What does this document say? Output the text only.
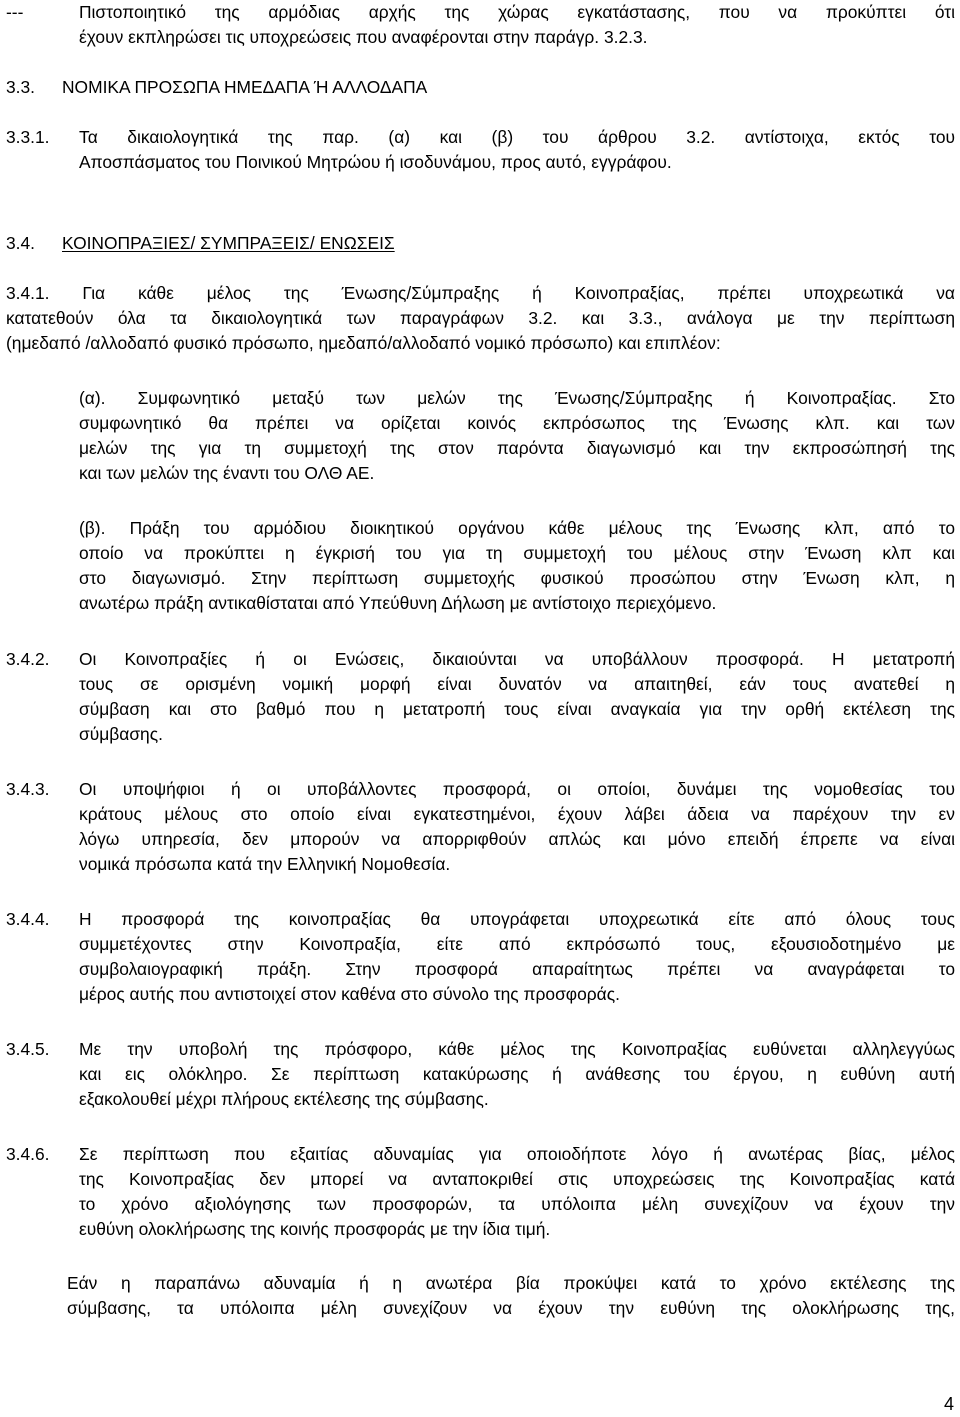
---	Πιστοποιητικό της αρμόδιας αρχής της χώρας εγκατάστασης, που να προκύπτει ότι
έχουν εκπληρώσει τις υποχρεώσεις που αναφέρονται στην παράγρ. 3.2.3.
3.3. ΝΟΜΙΚΑ ΠΡΟΣΩΠΑ ΗΜΕΔΑΠΑ Ή ΑΛΛΟΔΑΠΑ
3.3.1. Τα δικαιολογητικά της παρ. (α) και (β) του άρθρου 3.2. αντίστοιχα, εκτός του
Αποσπάσματος του Ποινικού Μητρώου ή ισοδυνάμου, προς αυτό, εγγράφου.
3.4. ΚΟΙΝΟΠΡΑΞΙΕΣ/ ΣΥΜΠΡΑΞΕΙΣ/ ΕΝΩΣΕΙΣ
3.4.1. Για κάθε μέλος της Ένωσης/Σύμπραξης ή Κοινοπραξίας, πρέπει υποχρεωτικά να
κατατεθούν όλα τα δικαιολογητικά των παραγράφων 3.2. και 3.3., ανάλογα με την περίπτωση
(ημεδαπό /αλλοδαπό φυσικό πρόσωπο, ημεδαπό/αλλοδαπό νομικό πρόσωπο) και επιπλέον:
(α). Συμφωνητικό μεταξύ των μελών της Ένωσης/Σύμπραξης ή Κοινοπραξίας. Στο
συμφωνητικό θα πρέπει να ορίζεται κοινός εκπρόσωπος της Ένωσης κλπ. και των
μελών της για τη συμμετοχή της στον παρόντα διαγωνισμό και την εκπροσώπησή της
και των μελών της έναντι του ΟΛΘ ΑΕ.
(β). Πράξη του αρμόδιου διοικητικού οργάνου κάθε μέλους της Ένωσης κλπ, από το
οποίο να προκύπτει η έγκρισή του για τη συμμετοχή του μέλους στην Ένωση κλπ και
στο διαγωνισμό. Στην περίπτωση συμμετοχής φυσικού προσώπου στην Ένωση κλπ, η
ανωτέρω πράξη αντικαθίσταται από Υπεύθυνη Δήλωση με αντίστοιχο περιεχόμενο.
3.4.2. Οι Κοινοπραξίες ή οι Ενώσεις, δικαιούνται να υποβάλλουν προσφορά. Η μετατροπή
τους σε ορισμένη νομική μορφή είναι δυνατόν να απαιτηθεί, εάν τους ανατεθεί η
σύμβαση και στο βαθμό που η μετατροπή τους είναι αναγκαία για την ορθή εκτέλεση της
σύμβασης.
3.4.3. Οι υποψήφιοι ή οι υποβάλλοντες προσφορά, οι οποίοι, δυνάμει της νομοθεσίας του
κράτους μέλους στο οποίο είναι εγκατεστημένοι, έχουν λάβει άδεια να παρέχουν την εν
λόγω υπηρεσία, δεν μπορούν να απορριφθούν απλώς και μόνο επειδή έπρεπε να είναι
νομικά πρόσωπα κατά την Ελληνική Νομοθεσία.
3.4.4. Η προσφορά της κοινοπραξίας θα υπογράφεται υποχρεωτικά είτε από όλους τους
συμμετέχοντες στην Κοινοπραξία, είτε από εκπρόσωπό τους, εξουσιοδοτημένο με
συμβολαιογραφική πράξη. Στην προσφορά απαραίτητως πρέπει να αναγράφεται το
μέρος αυτής που αντιστοιχεί στον καθένα στο σύνολο της προσφοράς.
3.4.5. Με την υποβολή της πρόσφορο, κάθε μέλος της Κοινοπραξίας ευθύνεται αλληλεγγύως
και εις ολόκληρο. Σε περίπτωση κατακύρωσης ή ανάθεσης του έργου, η ευθύνη αυτή
εξακολουθεί μέχρι πλήρους εκτέλεσης της σύμβασης.
3.4.6. Σε περίπτωση που εξαιτίας αδυναμίας για οποιοδήποτε λόγο ή ανωτέρας βίας, μέλος
της Κοινοπραξίας δεν μπορεί να ανταποκριθεί στις υποχρεώσεις της Κοινοπραξίας κατά
το χρόνο αξιολόγησης των προσφορών, τα υπόλοιπα μέλη συνεχίζουν να έχουν την
ευθύνη ολοκλήρωσης της κοινής προσφοράς με την ίδια τιμή.
Εάν η παραπάνω αδυναμία ή η ανωτέρα βία προκύψει κατά το χρόνο εκτέλεσης της
σύμβασης, τα υπόλοιπα μέλη συνεχίζουν να έχουν την ευθύνη της ολοκλήρωσης της,
4
